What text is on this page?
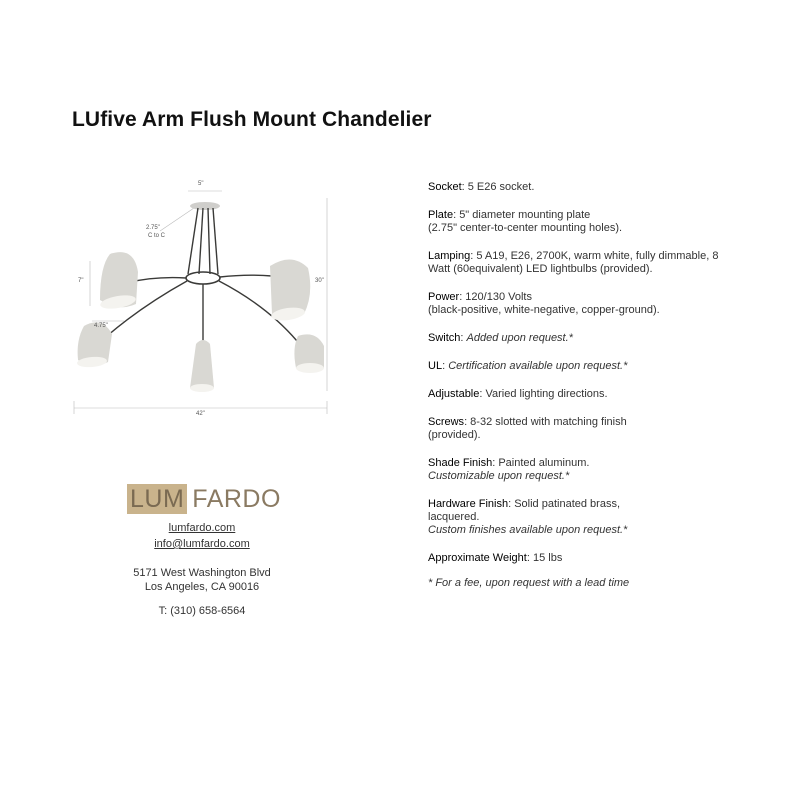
LUfive Arm Flush Mount Chandelier
5"
2.75"
C to C
7"	30"
4.75"
42"
LUM FARDO
lumfardo.com
info@lumfardo.com
5171 West Washington Blvd
Los Angeles, CA 90016
T: (310) 658-6564
Socket: 5 E26 socket.
Plate: 5" diameter mounting plate
(2.75" center-to-center mounting holes).
Lamping: 5 A19, E26, 2700K, warm white, fully dimmable, 8 Watt (60equivalent) LED lightbulbs (provided).
Power: 120/130 Volts
(black-positive, white-negative, copper-ground).
Switch: Added upon request.*
UL: Certification available upon request.*
Adjustable: Varied lighting directions.
Screws: 8-32 slotted with matching finish
(provided).
Shade Finish: Painted aluminum.
Customizable upon request.*
Hardware Finish: Solid patinated brass, lacquered.
Custom finishes available upon request.*
Approximate Weight: 15 lbs
* For a fee, upon request with a lead time
